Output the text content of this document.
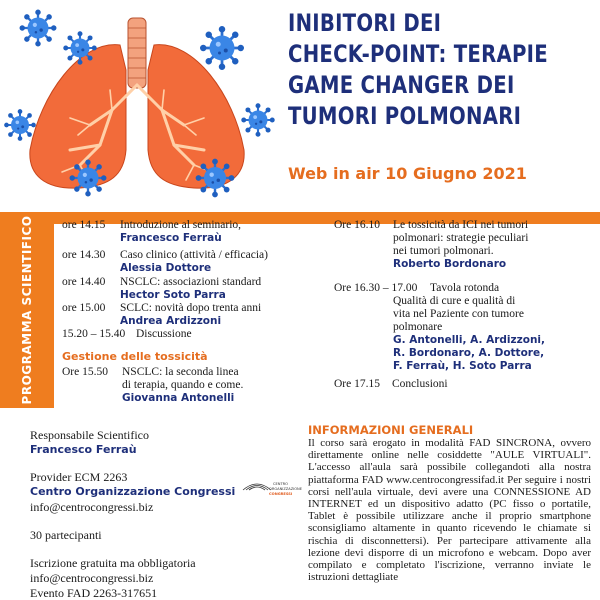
INIBITORI DEI
CHECK-POINT: TERAPIE
GAME CHANGER DEI
TUMORI POLMONARI
Web in air 10 Giugno 2021
PROGRAMMA SCIENTIFICO ore 14.15 Introduzione al seminario,
Francesco Ferraù
ore 14.30 Caso clinico (attività / efficacia)
Alessia Dottore
ore 14.40 NSCLC: associazioni standard
Hector Soto Parra
ore 15.00 SCLC: novità dopo trenta anni
Andrea Ardizzoni
15.20 – 15.40 Discussione
Gestione delle tossicità
Ore 15.50 NSCLC: la seconda linea
di terapia, quando e come.
Giovanna Antonelli
Ore 16.10 Le tossicità da ICI nei tumori
polmonari: strategie peculiari
nei tumori polmonari.
Roberto Bordonaro
Ore 16.30 – 17.00 Tavola rotonda
Qualità di cure e qualità di
vita nel Paziente con tumore
polmonare
G. Antonelli, A. Ardizzoni,
R. Bordonaro, A. Dottore,
F. Ferraù, H. Soto Parra
Ore 17.15 Conclusioni
Responsabile Scientifico
Francesco Ferraù
Provider ECM 2263
Centro Organizzazione Congressi
info@centrocongressi.biz
30 partecipanti
Iscrizione gratuita ma obbligatoria
info@centrocongressi.biz
Evento FAD 2263-317651
CENTRO
ORGANIZZAZIONE
CONGRESSI
INFORMAZIONI GENERALI
Il corso sarà erogato in modalità FAD SINCRONA, ovvero direttamente online nelle cosiddette "AULE VIRTUALI". L'accesso all'aula sarà possibile collegandoti alla nostra piattaforma FAD www.centrocongressifad.it Per seguire i nostri corsi nell'aula virtuale, devi avere una CONNESSIONE AD INTERNET ed un dispositivo adatto (PC fisso o portatile, Tablet è possibile utilizzare anche il proprio smartphone sconsigliamo altamente in quanto ricevendo le chiamate si rischia di disconnettersi). Per partecipare attivamente alla lezione devi disporre di un microfono e webcam. Dopo aver compilato e completato l'iscrizione, verranno inviate le istruzioni dettagliate
